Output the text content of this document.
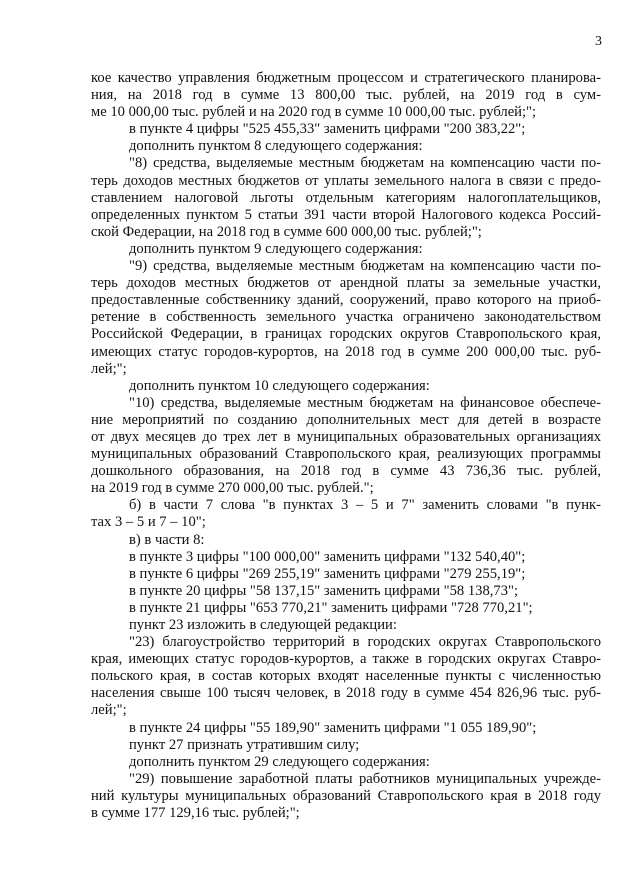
3
кое качество управления бюджетным процессом и стратегического планирова-
ния, на 2018 год в сумме 13 800,00 тыс. рублей, на 2019 год в сум-
ме 10 000,00 тыс. рублей и на 2020 год в сумме 10 000,00 тыс. рублей;";
в пункте 4 цифры "525 455,33" заменить цифрами "200 383,22";
дополнить пунктом 8 следующего содержания:
"8) средства, выделяемые местным бюджетам на компенсацию части по-
терь доходов местных бюджетов от уплаты земельного налога в связи с предо-
ставлением налоговой льготы отдельным категориям налогоплательщиков,
определенных пунктом 5 статьи 391 части второй Налогового кодекса Россий-
ской Федерации, на 2018 год в сумме 600 000,00 тыс. рублей;";
дополнить пунктом 9 следующего содержания:
"9) средства, выделяемые местным бюджетам на компенсацию части по-
терь доходов местных бюджетов от арендной платы за земельные участки,
предоставленные собственнику зданий, сооружений, право которого на приоб-
ретение в собственность земельного участка ограничено законодательством
Российской Федерации, в границах городских округов Ставропольского края,
имеющих статус городов-курортов, на 2018 год в сумме 200 000,00 тыс. руб-
лей;";
дополнить пунктом 10 следующего содержания:
"10) средства, выделяемые местным бюджетам на финансовое обеспече-
ние мероприятий по созданию дополнительных мест для детей в возрасте
от двух месяцев до трех лет в муниципальных образовательных организациях
муниципальных образований Ставропольского края, реализующих программы
дошкольного образования, на 2018 год в сумме 43 736,36 тыс. рублей,
на 2019 год в сумме 270 000,00 тыс. рублей.";
б) в части 7 слова "в пунктах 3 – 5 и 7" заменить словами "в пунк-
тах 3 – 5 и 7 – 10";
в) в части 8:
в пункте 3 цифры "100 000,00" заменить цифрами "132 540,40";
в пункте 6 цифры "269 255,19" заменить цифрами "279 255,19";
в пункте 20 цифры "58 137,15" заменить цифрами "58 138,73";
в пункте 21 цифры "653 770,21" заменить цифрами "728 770,21";
пункт 23 изложить в следующей редакции:
"23) благоустройство территорий в городских округах Ставропольского
края, имеющих статус городов-курортов, а также в городских округах Ставро-
польского края, в состав которых входят населенные пункты с численностью
населения свыше 100 тысяч человек, в 2018 году в сумме 454 826,96 тыс. руб-
лей;";
в пункте 24 цифры "55 189,90" заменить цифрами "1 055 189,90";
пункт 27 признать утратившим силу;
дополнить пунктом 29 следующего содержания:
"29) повышение заработной платы работников муниципальных учрежде-
ний культуры муниципальных образований Ставропольского края в 2018 году
в сумме 177 129,16 тыс. рублей;";
